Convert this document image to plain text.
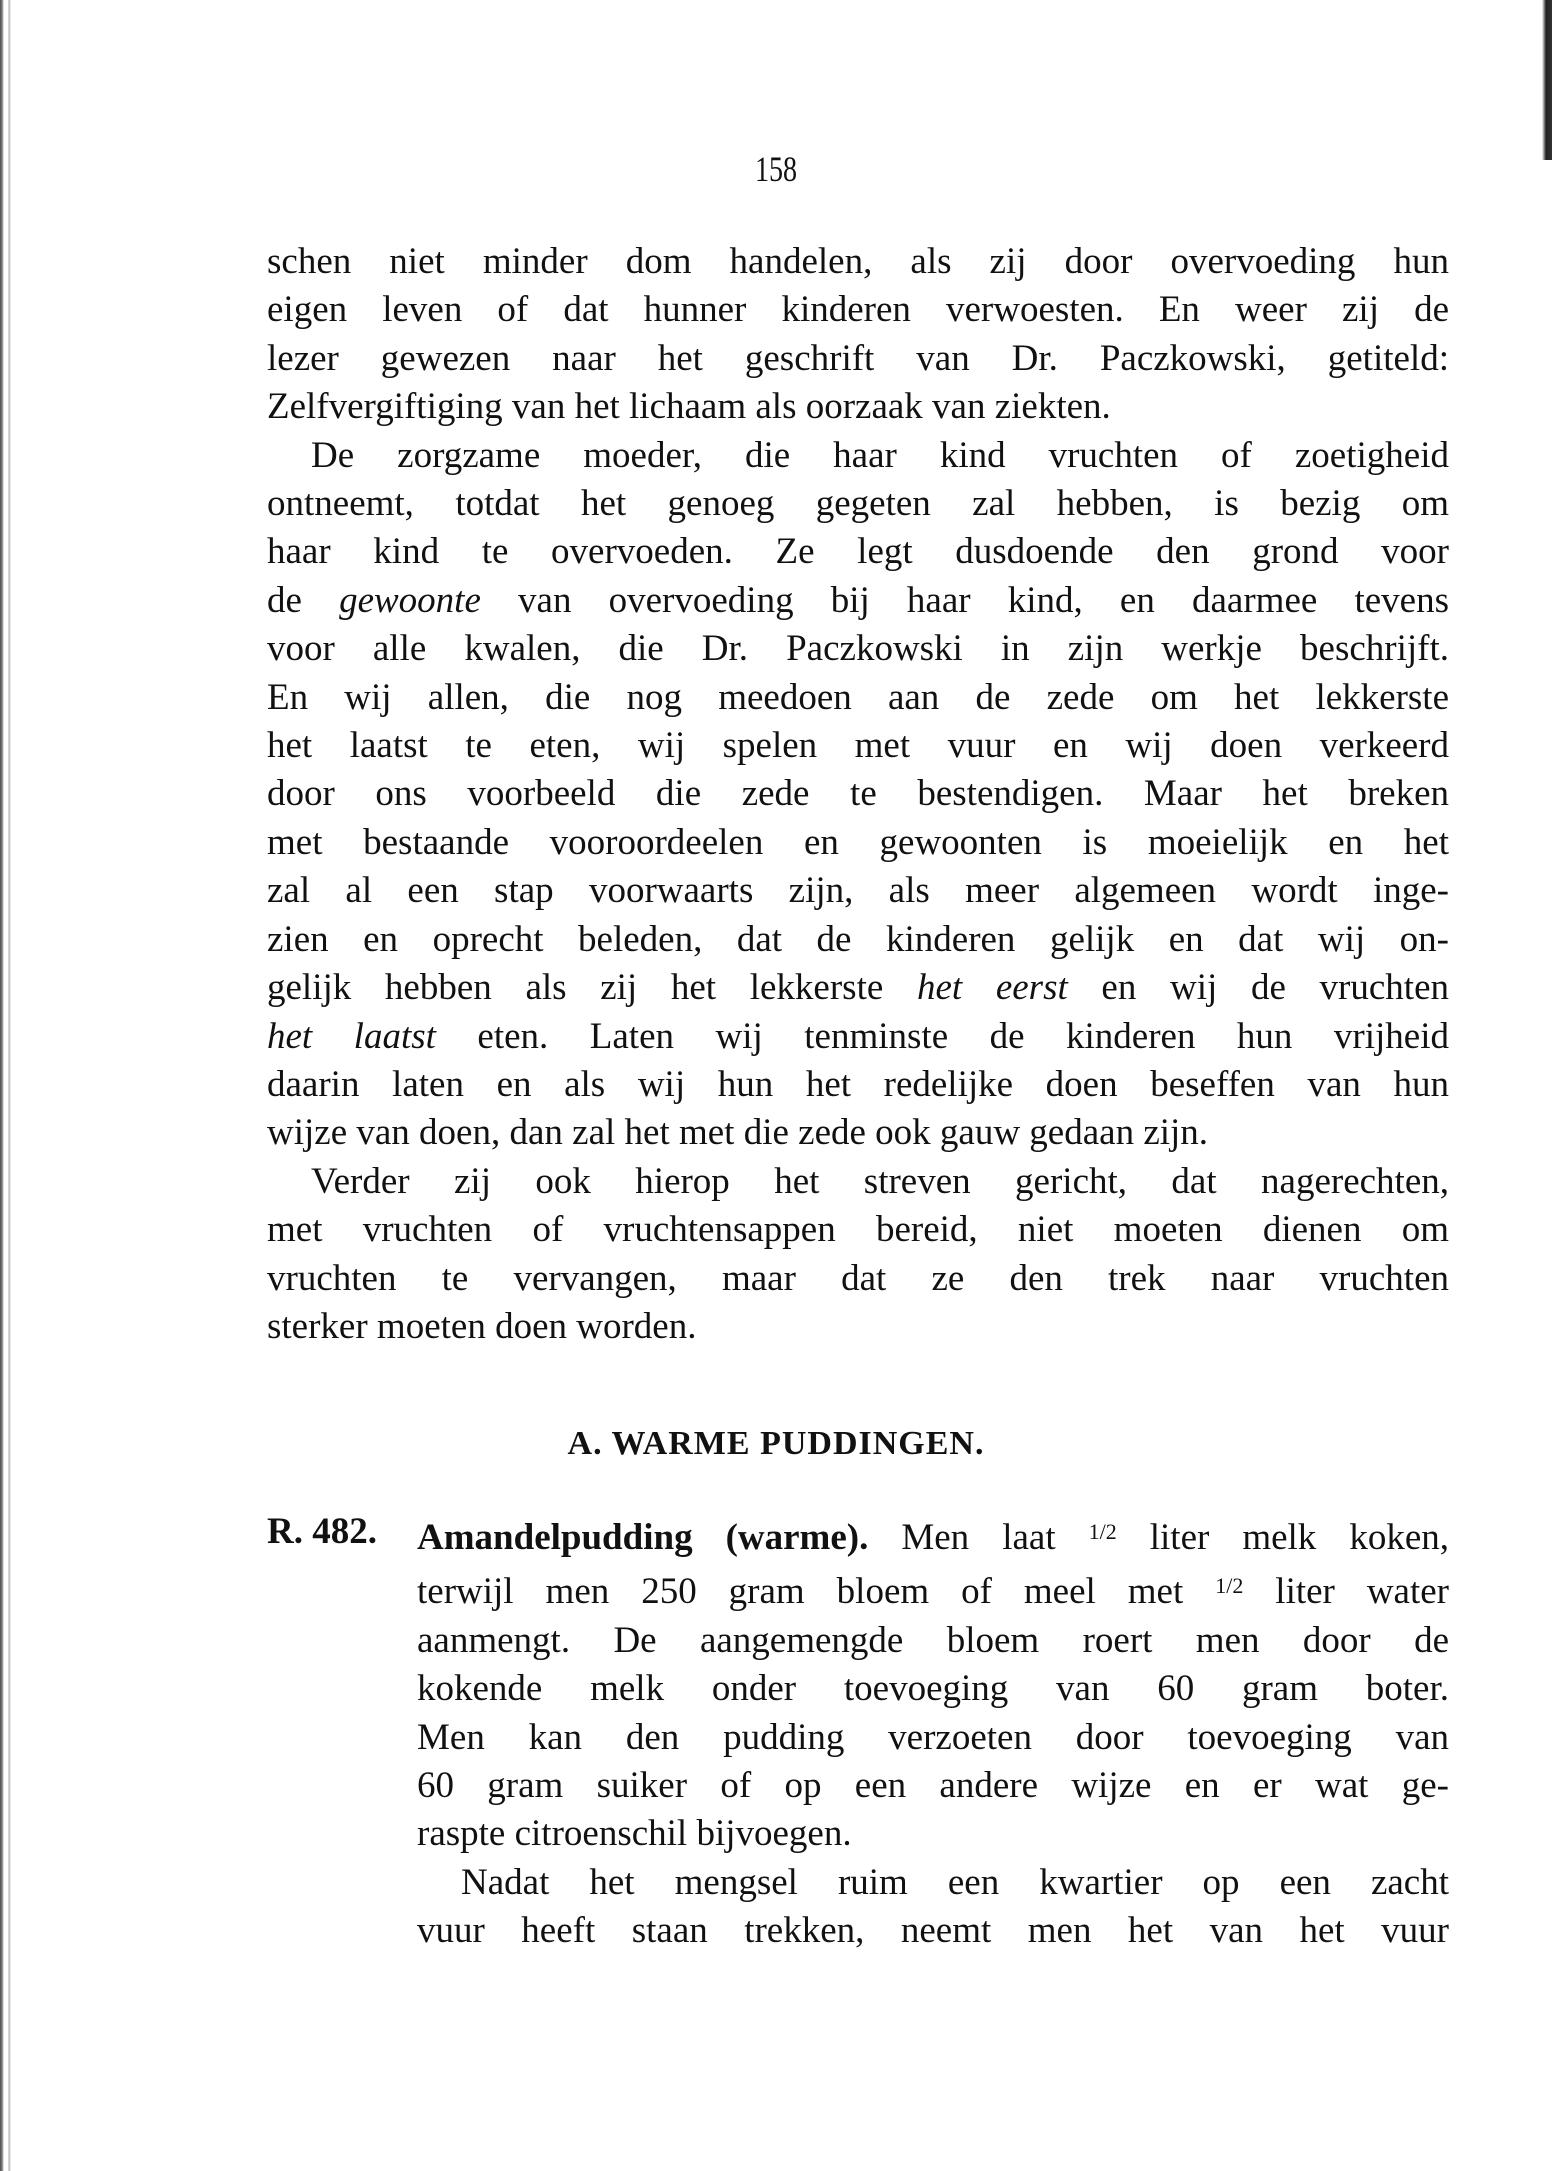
158
schen niet minder dom handelen, als zij door overvoeding hun
eigen leven of dat hunner kinderen verwoesten. En weer zij de
lezer gewezen naar het geschrift van Dr. Paczkowski, getiteld:
Zelfvergiftiging van het lichaam als oorzaak van ziekten.
De zorgzame moeder, die haar kind vruchten of zoetigheid
ontneemt, totdat het genoeg gegeten zal hebben, is bezig om
haar kind te overvoeden. Ze legt dusdoende den grond voor
de gewoonte van overvoeding bij haar kind, en daarmee tevens
voor alle kwalen, die Dr. Paczkowski in zijn werkje beschrijft.
En wij allen, die nog meedoen aan de zede om het lekkerste
het laatst te eten, wij spelen met vuur en wij doen verkeerd
door ons voorbeeld die zede te bestendigen. Maar het breken
met bestaande vooroordeelen en gewoonten is moeielijk en het
zal al een stap voorwaarts zijn, als meer algemeen wordt inge-
zien en oprecht beleden, dat de kinderen gelijk en dat wij on-
gelijk hebben als zij het lekkerste het eerst en wij de vruchten
het laatst eten. Laten wij tenminste de kinderen hun vrijheid
daarin laten en als wij hun het redelijke doen beseffen van hun
wijze van doen, dan zal het met die zede ook gauw gedaan zijn.
Verder zij ook hierop het streven gericht, dat nagerechten,
met vruchten of vruchtensappen bereid, niet moeten dienen om
vruchten te vervangen, maar dat ze den trek naar vruchten
sterker moeten doen worden.
A. WARME PUDDINGEN.
R. 482. Amandelpudding (warme). Men laat $^{1/2}$ liter melk koken,
terwijl men 250 gram bloem of meel met $^{1/2}$ liter water
aanmengt. De aangemengde bloem roert men door de
kokende melk onder toevoeging van 60 gram boter.
Men kan den pudding verzoeten door toevoeging van
60 gram suiker of op een andere wijze en er wat ge-
raspte citroenschil bijvoegen.
Nadat het mengsel ruim een kwartier op een zacht
vuur heeft staan trekken, neemt men het van het vuur
